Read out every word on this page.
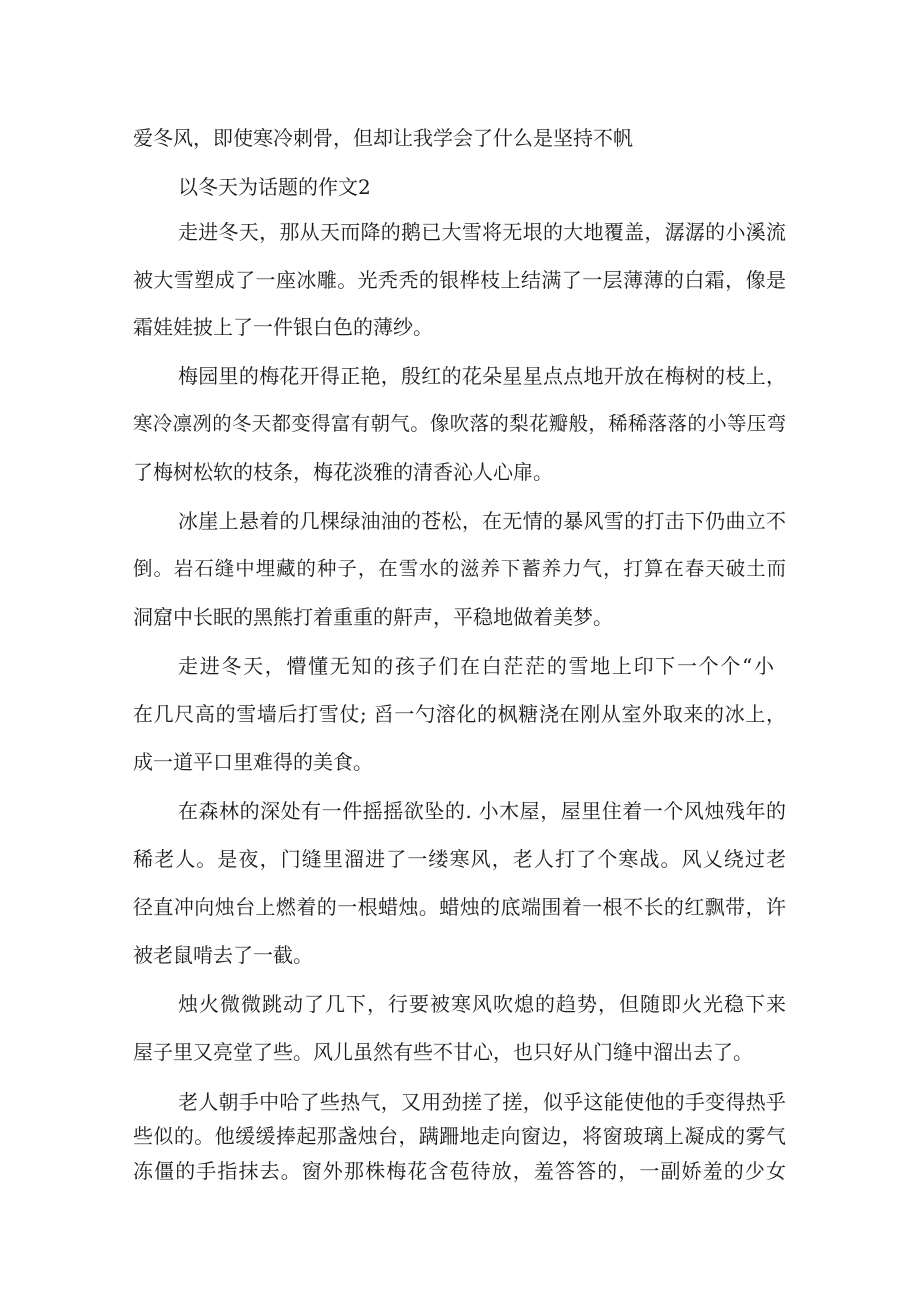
爱冬风，即使寒冷刺骨，但却让我学会了什么是坚持不帆
以冬天为话题的作文2
走进冬天，那从天而降的鹅已大雪将无垠的大地覆盖，潺潺的小溪流
被大雪塑成了一座冰雕。光秃秃的银桦枝上结满了一层薄薄的白霜，像是
霜娃娃披上了一件银白色的薄纱。
梅园里的梅花开得正艳，殷红的花朵星星点点地开放在梅树的枝上，
寒冷凛冽的冬天都变得富有朝气。像吹落的梨花瓣般，稀稀落落的小等压弯
了梅树松软的枝条，梅花淡雅的清香沁人心扉。
冰崖上悬着的几棵绿油油的苍松，在无情的暴风雪的打击下仍曲立不
倒。岩石缝中埋藏的种子，在雪水的滋养下蓄养力气，打算在春天破土而
洞窟中长眠的黑熊打着重重的鼾声，平稳地做着美梦。
走进冬天，懵懂无知的孩子们在白茫茫的雪地上印下一个个“小
在几尺高的雪墙后打雪仗; 舀一勺溶化的枫糖浇在刚从室外取来的冰上，
成一道平口里难得的美食。
在森林的深处有一件摇摇欲坠的. 小木屋，屋里住着一个风烛残年的
稀老人。是夜，门缝里溜进了一缕寒风，老人打了个寒战。风乂绕过老
径直冲向烛台上燃着的一根蜡烛。蜡烛的底端围着一根不长的红飘带，许
被老鼠啃去了一截。
烛火微微跳动了几下，行要被寒风吹熄的趋势，但随即火光稳下来
屋子里又亮堂了些。风儿虽然有些不甘心，也只好从门缝中溜出去了。
老人朝手中哈了些热气，又用劲搓了搓，似乎这能使他的手变得热乎
些似的。他缓缓捧起那盏烛台，蹒跚地走向窗边，将窗玻璃上凝成的雾气
冻僵的手指抹去。窗外那株梅花含苞待放，羞答答的，一副娇羞的少女
